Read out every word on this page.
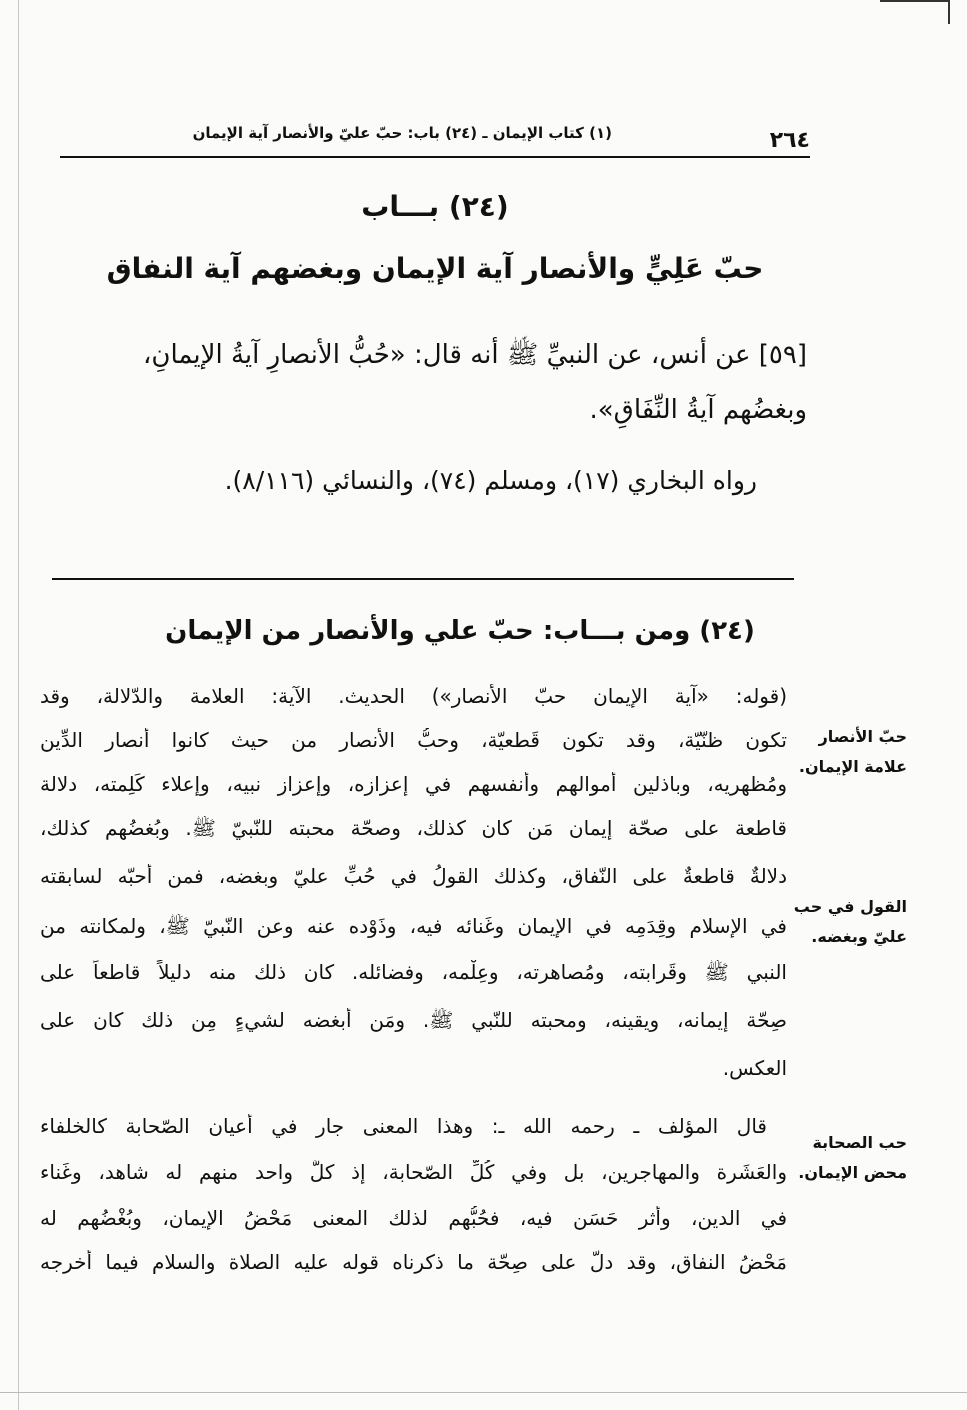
٢٦٤
(١) كتاب الإيمان ـ (٢٤) باب: حبّ عليّ والأنصار آية الإيمان
(٢٤) بـــاب
حبّ عَلِيٍّ والأنصار آية الإيمان وبغضهم آية النفاق
[٥٩] عن أنس، عن النبيِّ ﷺ أنه قال: «حُبُّ الأنصارِ آيةُ الإيمانِ،
وبغضُهم آيةُ النِّفَاقِ».
رواه البخاري (١٧)، ومسلم (٧٤)، والنسائي (٨/١١٦).
(٢٤) ومن بـــاب: حبّ علي والأنصار من الإيمان
حبّ الأنصار علامة الإيمان.
القول في حب عليّ وبغضه.
حب الصحابة محض الإيمان.
(قوله: «آية الإيمان حبّ الأنصار») الحديث. الآية: العلامة والدّلالة، وقد
تكون ظنّيّة، وقد تكون قَطعيّة، وحبُّ الأنصار من حيث كانوا أنصار الدِّين
ومُظهِريه، وباذلين أموالهم وأنفسهم في إعزازه، وإعزاز نبيه، وإعلاء كَلِمته، دلالة
قاطعة على صحّة إيمان مَن كان كذلك، وصحّة محبته للنّبيّ ﷺ. وبُغضُهم كذلك،
دلالةٌ قاطعةٌ على النّفاق، وكذلك القولُ في حُبِّ عليّ وبغضه، فمن أحبّه لسابقته
في الإسلام وقِدَمِه في الإيمان وغَنائه فيه، وذَوْده عنه وعن النّبيّ ﷺ، ولمكانته من
النبي ﷺ وقَرابته، ومُصاهرته، وعِلْمه، وفضائله. كان ذلك منه دليلاً قاطعاً على
صِحّة إيمانه، ويقينه، ومحبته للنّبي ﷺ. ومَن أبغضه لشيءٍ مِن ذلك كان على
العكس.
قال المؤلف ـ رحمه الله ـ: وهذا المعنى جارٍ في أعيان الصّحابة كالخلفاء
والعَشَرة والمهاجرين، بل وفي كُلِّ الصّحابة، إذ كلٌّ واحد منهم له شاهد، وغَناء
في الدين، وأثر حَسَن فيه، فحُبُّهم لذلك المعنى مَحْضُ الإيمان، وبُغْضُهم له
مَحْضُ النفاق، وقد دلّ على صِحّة ما ذكرناه قوله عليه الصلاة والسلام فيما أخرجه
